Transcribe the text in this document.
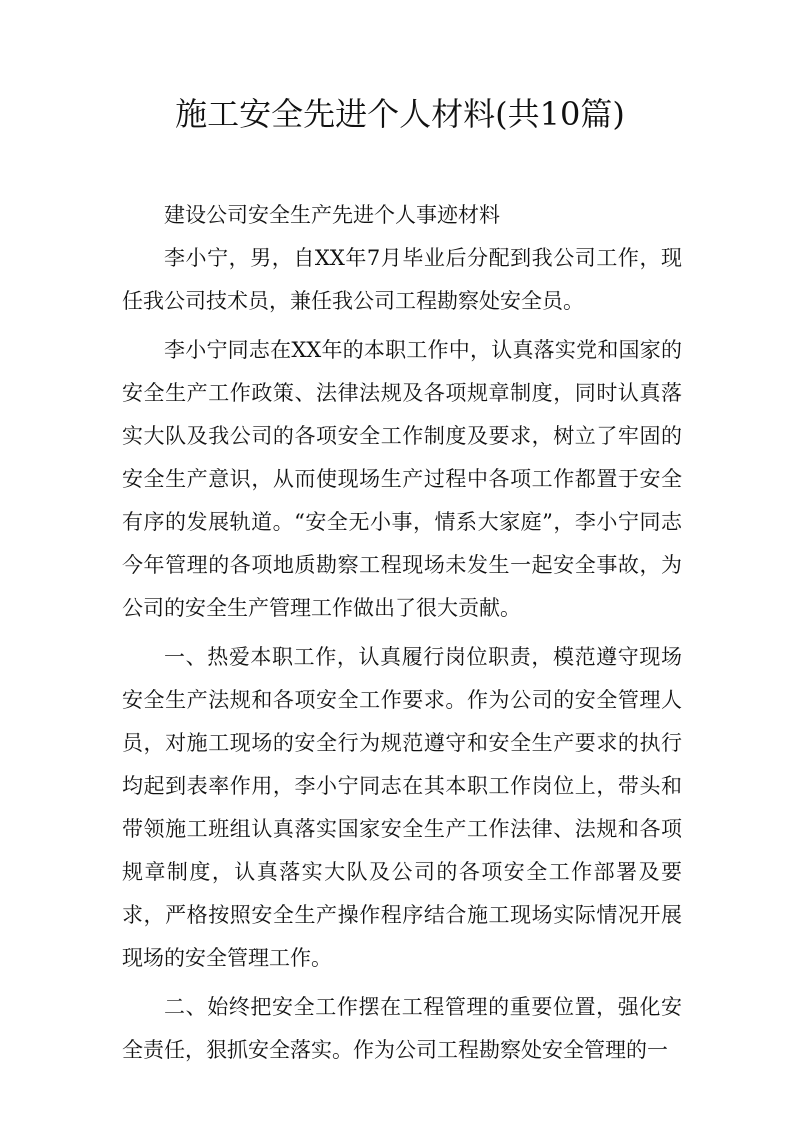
施工安全先进个人材料(共10篇)

建设公司安全生产先进个人事迹材料

李小宁，男，自XX年7月毕业后分配到我公司工作，现任我公司技术员，兼任我公司工程勘察处安全员。

李小宁同志在XX年的本职工作中，认真落实党和国家的安全生产工作政策、法律法规及各项规章制度，同时认真落实大队及我公司的各项安全工作制度及要求，树立了牢固的安全生产意识，从而使现场生产过程中各项工作都置于安全有序的发展轨道。“安全无小事，情系大家庭”，李小宁同志今年管理的各项地质勘察工程现场未发生一起安全事故，为公司的安全生产管理工作做出了很大贡献。

一、热爱本职工作，认真履行岗位职责，模范遵守现场安全生产法规和各项安全工作要求。作为公司的安全管理人员，对施工现场的安全行为规范遵守和安全生产要求的执行均起到表率作用，李小宁同志在其本职工作岗位上，带头和带领施工班组认真落实国家安全生产工作法律、法规和各项规章制度，认真落实大队及公司的各项安全工作部署及要求，严格按照安全生产操作程序结合施工现场实际情况开展现场的安全管理工作。

二、始终把安全工作摆在工程管理的重要位置，强化安全责任，狠抓安全落实。作为公司工程勘察处安全管理的一
